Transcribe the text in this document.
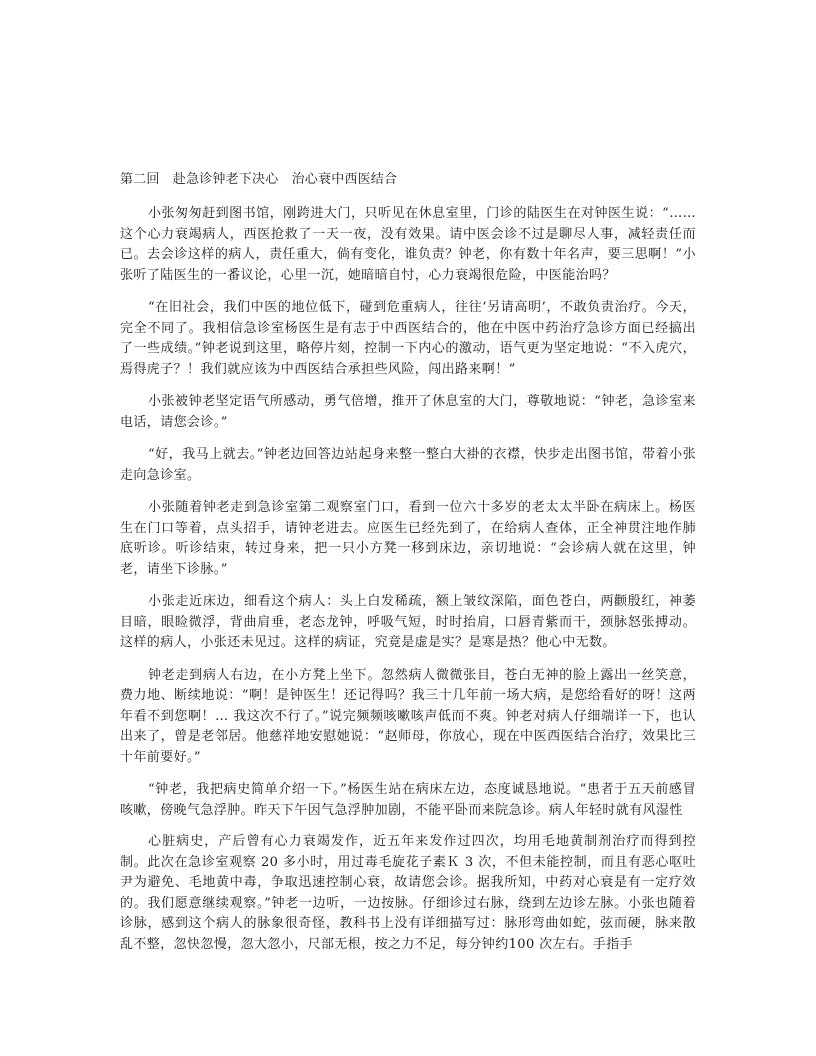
第二回　赴急诊钟老下决心　治心衰中西医结合

小张匆匆赶到图书馆，刚跨进大门，只听见在休息室里，门诊的陆医生在对钟医生说：“……这个心力衰竭病人，西医抢救了一天一夜，没有效果。请中医会诊不过是聊尽人事，减轻责任而已。去会诊这样的病人，责任重大，倘有变化，谁负责？钟老，你有数十年名声，要三思啊！”小张听了陆医生的一番议论，心里一沉，她暗暗自忖，心力衰竭很危险，中医能治吗？

“在旧社会，我们中医的地位低下，碰到危重病人，往往‘另请高明’，不敢负责治疗。今天，完全不同了。我相信急诊室杨医生是有志于中西医结合的，他在中医中药治疗急诊方面已经搞出了一些成绩。”钟老说到这里，略停片刻，控制一下内心的激动，语气更为坚定地说：“不入虎穴，焉得虎子？！我们就应该为中西医结合承担些风险，闯出路来啊！”

小张被钟老坚定语气所感动，勇气倍增，推开了休息室的大门，尊敬地说：“钟老，急诊室来电话，请您会诊。”

“好，我马上就去。”钟老边回答边站起身来整一整白大褂的衣襟，快步走出图书馆，带着小张走向急诊室。

小张随着钟老走到急诊室第二观察室门口，看到一位六十多岁的老太太半卧在病床上。杨医生在门口等着，点头招手，请钟老进去。应医生已经先到了，在给病人查体，正全神贯注地作肺底听诊。听诊结束，转过身来，把一只小方凳一移到床边，亲切地说：“会诊病人就在这里，钟老，请坐下诊脉。”

小张走近床边，细看这个病人：头上白发稀疏，额上皱纹深陷，面色苍白，两颧殷红，神萎目暗，眼睑微浮，背曲肩垂，老态龙钟，呼吸气短，时时抬肩，口唇青紫而干，颈脉怒张搏动。这样的病人，小张还未见过。这样的病证，究竟是虚是实？是寒是热？他心中无数。

钟老走到病人右边，在小方凳上坐下。忽然病人微微张目，苍白无神的脸上露出一丝笑意，费力地、断续地说：“啊！是钟医生！还记得吗？我三十几年前一场大病，是您给看好的呀！这两年看不到您啊！… 我这次不行了。”说完频频咳嗽咳声低而不爽。钟老对病人仔细端详一下，也认出来了，曾是老邻居。他慈祥地安慰她说：“赵师母，你放心，现在中医西医结合治疗，效果比三十年前要好。”

“钟老，我把病史简单介绍一下。”杨医生站在病床左边，态度诚恳地说。“患者于五天前感冒咳嗽，傍晚气急浮肿。昨天下午因气急浮肿加剧，不能平卧而来院急诊。病人年轻时就有风湿性

心脏病史，产后曾有心力衰竭发作，近五年来发作过四次，均用毛地黄制剂治疗而得到控制。此次在急诊室观察 20 多小时，用过毒毛旋花子素Ｋ 3 次，不但未能控制，而且有恶心呕吐尹为避免、毛地黄中毒，争取迅速控制心衰，故请您会诊。据我所知，中药对心衰是有一定疗效的。我们愿意继续观察。”钟老一边听，一边按脉。仔细诊过右脉，绕到左边诊左脉。小张也随着诊脉，感到这个病人的脉象很奇怪，教科书上没有详细描写过：脉形弯曲如蛇，弦而硬，脉来散乱不整，忽快忽慢，忽大忽小，尺部无根，按之力不足，每分钟约100 次左右。手指手
